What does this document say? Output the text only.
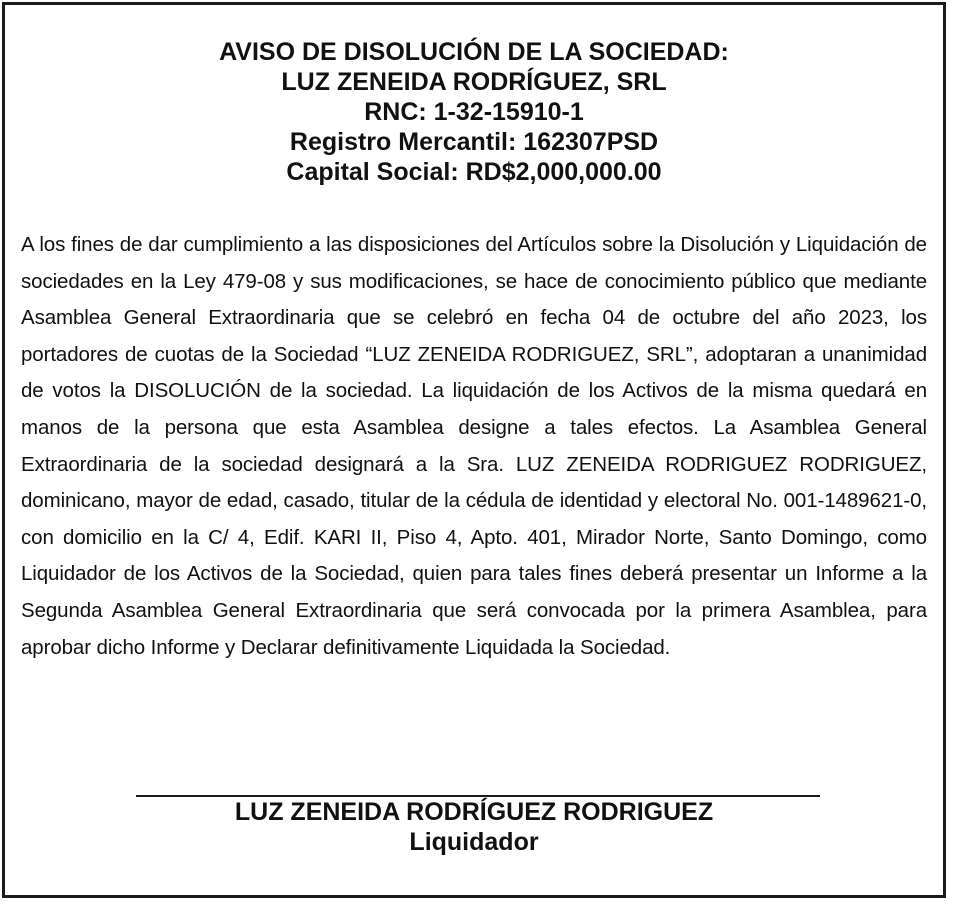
AVISO DE DISOLUCIÓN DE LA SOCIEDAD:
LUZ ZENEIDA RODRÍGUEZ, SRL
RNC: 1-32-15910-1
Registro Mercantil: 162307PSD
Capital Social: RD$2,000,000.00

A los fines de dar cumplimiento a las disposiciones del Artículos sobre la Disolución y Liquidación de sociedades en la Ley 479-08 y sus modificaciones, se hace de conocimiento público que mediante Asamblea General Extraordinaria que se celebró en fecha 04 de octubre del año 2023, los portadores de cuotas de la Sociedad “LUZ ZENEIDA RODRIGUEZ, SRL”, adoptaran a unanimidad de votos la DISOLUCIÓN de la sociedad. La liquidación de los Activos de la misma quedará en manos de la persona que esta Asamblea designe a tales efectos. La Asamblea General Extraordinaria de la sociedad designará a la Sra. LUZ ZENEIDA RODRIGUEZ RODRIGUEZ, dominicano, mayor de edad, casado, titular de la cédula de identidad y electoral No. 001-1489621-0, con domicilio en la C/ 4, Edif. KARI II, Piso 4, Apto. 401, Mirador Norte, Santo Domingo, como Liquidador de los Activos de la Sociedad, quien para tales fines deberá presentar un Informe a la Segunda Asamblea General Extraordinaria que será convocada por la primera Asamblea, para aprobar dicho Informe y Declarar definitivamente Liquidada la Sociedad.

LUZ ZENEIDA RODRÍGUEZ RODRIGUEZ
Liquidador
